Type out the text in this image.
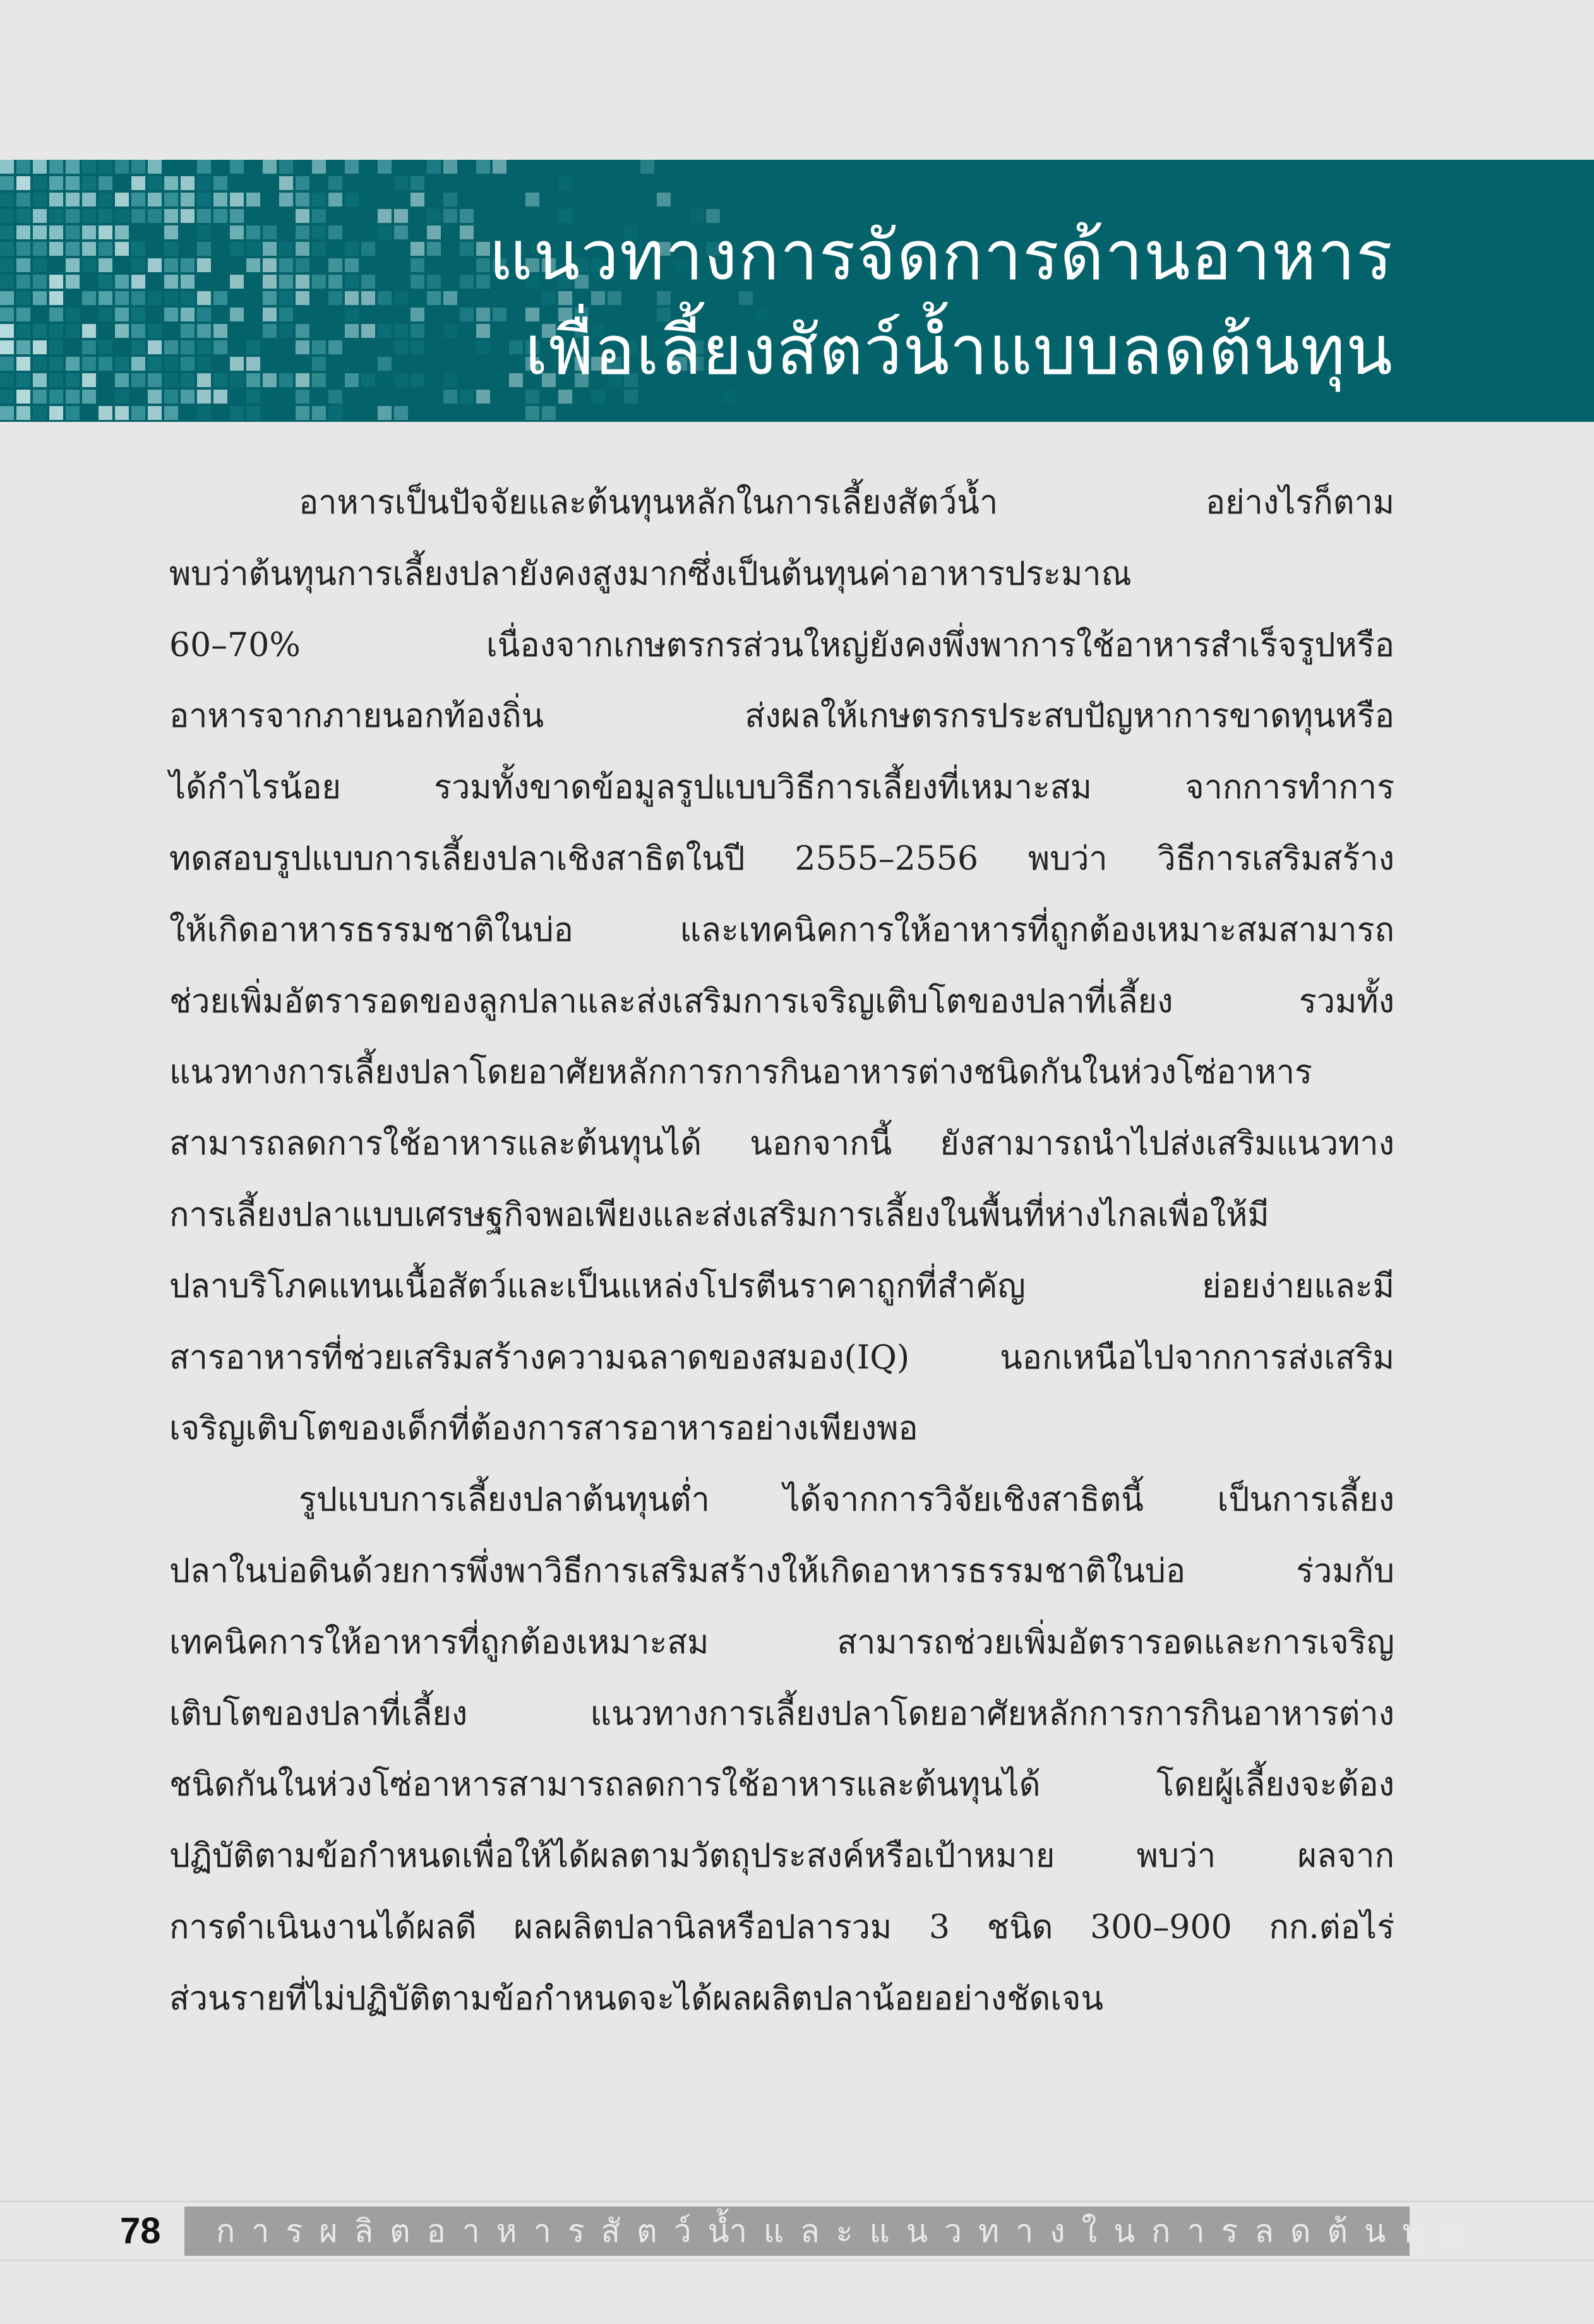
แนวทางการจัดการด้านอาหาร
เพื่อเลี้ยงสัตว์น้ำแบบลดต้นทุน
อาหารเป็นปัจจัยและต้นทุนหลักในการเลี้ยงสัตว์น้ำ อย่างไรก็ตาม
พบว่าต้นทุนการเลี้ยงปลายังคงสูงมากซึ่งเป็นต้นทุนค่าอาหารประมาณ
60–70% เนื่องจากเกษตรกรส่วนใหญ่ยังคงพึ่งพาการใช้อาหารสำเร็จรูปหรือ
อาหารจากภายนอกท้องถิ่น ส่งผลให้เกษตรกรประสบปัญหาการขาดทุนหรือ
ได้กำไรน้อย รวมทั้งขาดข้อมูลรูปแบบวิธีการเลี้ยงที่เหมาะสม จากการทำการ
ทดสอบรูปแบบการเลี้ยงปลาเชิงสาธิตในปี 2555–2556 พบว่า วิธีการเสริมสร้าง
ให้เกิดอาหารธรรมชาติในบ่อ และเทคนิคการให้อาหารที่ถูกต้องเหมาะสมสามารถ
ช่วยเพิ่มอัตรารอดของลูกปลาและส่งเสริมการเจริญเติบโตของปลาที่เลี้ยง รวมทั้ง
แนวทางการเลี้ยงปลาโดยอาศัยหลักการการกินอาหารต่างชนิดกันในห่วงโซ่อาหาร
สามารถลดการใช้อาหารและต้นทุนได้ นอกจากนี้ ยังสามารถนำไปส่งเสริมแนวทาง
การเลี้ยงปลาแบบเศรษฐกิจพอเพียงและส่งเสริมการเลี้ยงในพื้นที่ห่างไกลเพื่อให้มี
ปลาบริโภคแทนเนื้อสัตว์และเป็นแหล่งโปรตีนราคาถูกที่สำคัญ ย่อยง่ายและมี
สารอาหารที่ช่วยเสริมสร้างความฉลาดของสมอง(IQ) นอกเหนือไปจากการส่งเสริม
เจริญเติบโตของเด็กที่ต้องการสารอาหารอย่างเพียงพอ
รูปแบบการเลี้ยงปลาต้นทุนต่ำ ได้จากการวิจัยเชิงสาธิตนี้ เป็นการเลี้ยง
ปลาในบ่อดินด้วยการพึ่งพาวิธีการเสริมสร้างให้เกิดอาหารธรรมชาติในบ่อ ร่วมกับ
เทคนิคการให้อาหารที่ถูกต้องเหมาะสม สามารถช่วยเพิ่มอัตรารอดและการเจริญ
เติบโตของปลาที่เลี้ยง แนวทางการเลี้ยงปลาโดยอาศัยหลักการการกินอาหารต่าง
ชนิดกันในห่วงโซ่อาหารสามารถลดการใช้อาหารและต้นทุนได้ โดยผู้เลี้ยงจะต้อง
ปฏิบัติตามข้อกำหนดเพื่อให้ได้ผลตามวัตถุประสงค์หรือเป้าหมาย พบว่า ผลจาก
การดำเนินงานได้ผลดี ผลผลิตปลานิลหรือปลารวม 3 ชนิด 300–900 กก.ต่อไร่
ส่วนรายที่ไม่ปฏิบัติตามข้อกำหนดจะได้ผลผลิตปลาน้อยอย่างชัดเจน
78 การผลิตอาหารสัตว์น้ำและแนวทางในการลดต้นทุน
